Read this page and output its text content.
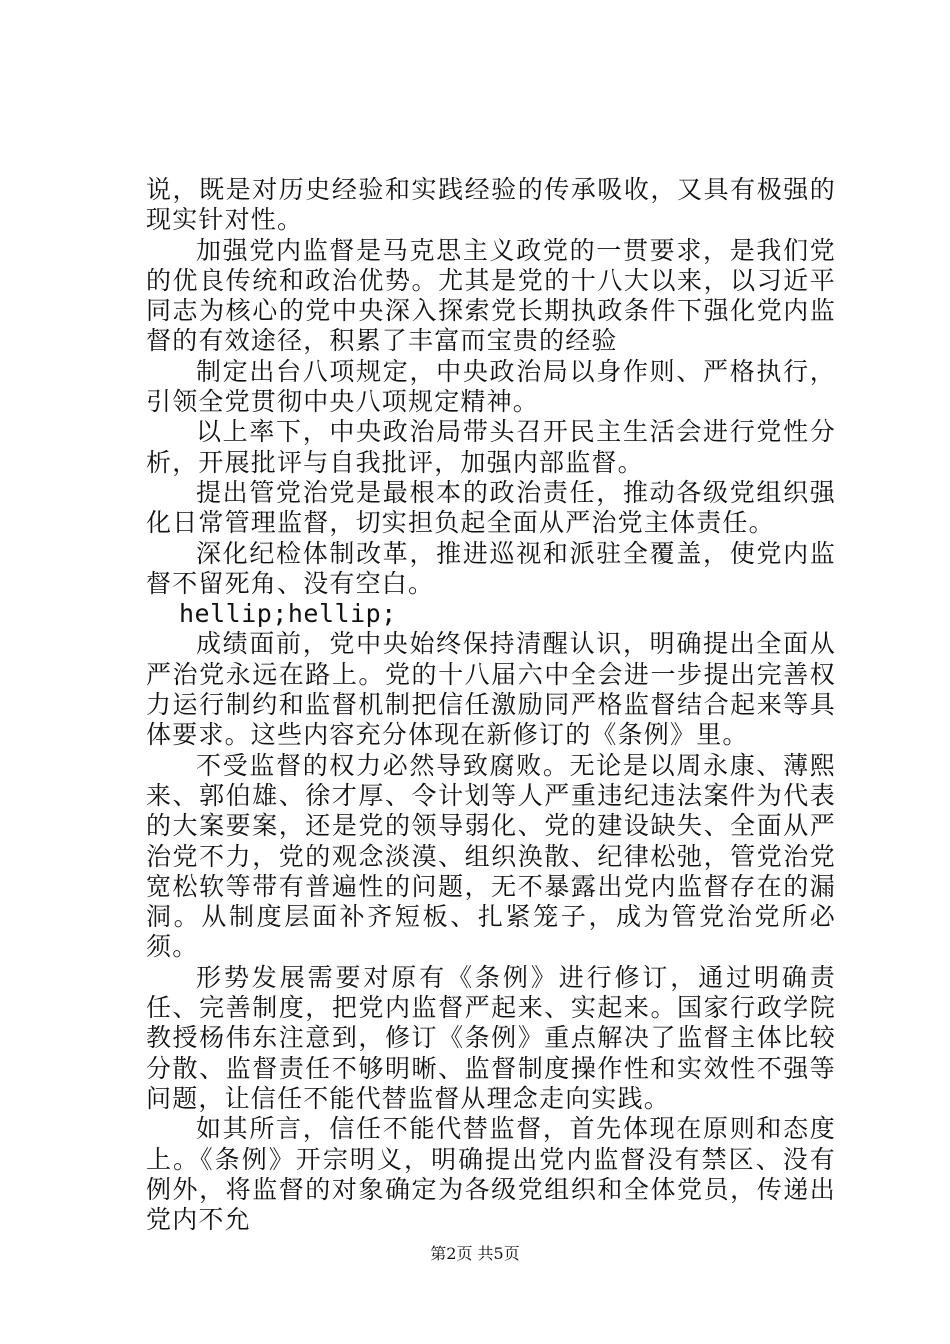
说，既是对历史经验和实践经验的传承吸收，又具有极强的现实针对性。

加强党内监督是马克思主义政党的一贯要求，是我们党的优良传统和政治优势。尤其是党的十八大以来，以习近平同志为核心的党中央深入探索党长期执政条件下强化党内监督的有效途径，积累了丰富而宝贵的经验

制定出台八项规定，中央政治局以身作则、严格执行，引领全党贯彻中央八项规定精神。

以上率下，中央政治局带头召开民主生活会进行党性分析，开展批评与自我批评，加强内部监督。

提出管党治党是最根本的政治责任，推动各级党组织强化日常管理监督，切实担负起全面从严治党主体责任。

深化纪检体制改革，推进巡视和派驻全覆盖，使党内监督不留死角、没有空白。

hellip;hellip;

成绩面前，党中央始终保持清醒认识，明确提出全面从严治党永远在路上。党的十八届六中全会进一步提出完善权力运行制约和监督机制把信任激励同严格监督结合起来等具体要求。这些内容充分体现在新修订的《条例》里。

不受监督的权力必然导致腐败。无论是以周永康、薄熙来、郭伯雄、徐才厚、令计划等人严重违纪违法案件为代表的大案要案，还是党的领导弱化、党的建设缺失、全面从严治党不力，党的观念淡漠、组织涣散、纪律松弛，管党治党宽松软等带有普遍性的问题，无不暴露出党内监督存在的漏洞。从制度层面补齐短板、扎紧笼子，成为管党治党所必须。

形势发展需要对原有《条例》进行修订，通过明确责任、完善制度，把党内监督严起来、实起来。国家行政学院教授杨伟东注意到，修订《条例》重点解决了监督主体比较分散、监督责任不够明晰、监督制度操作性和实效性不强等问题，让信任不能代替监督从理念走向实践。

如其所言，信任不能代替监督，首先体现在原则和态度上。《条例》开宗明义，明确提出党内监督没有禁区、没有例外，将监督的对象确定为各级党组织和全体党员，传递出党内不允

第2页 共5页
